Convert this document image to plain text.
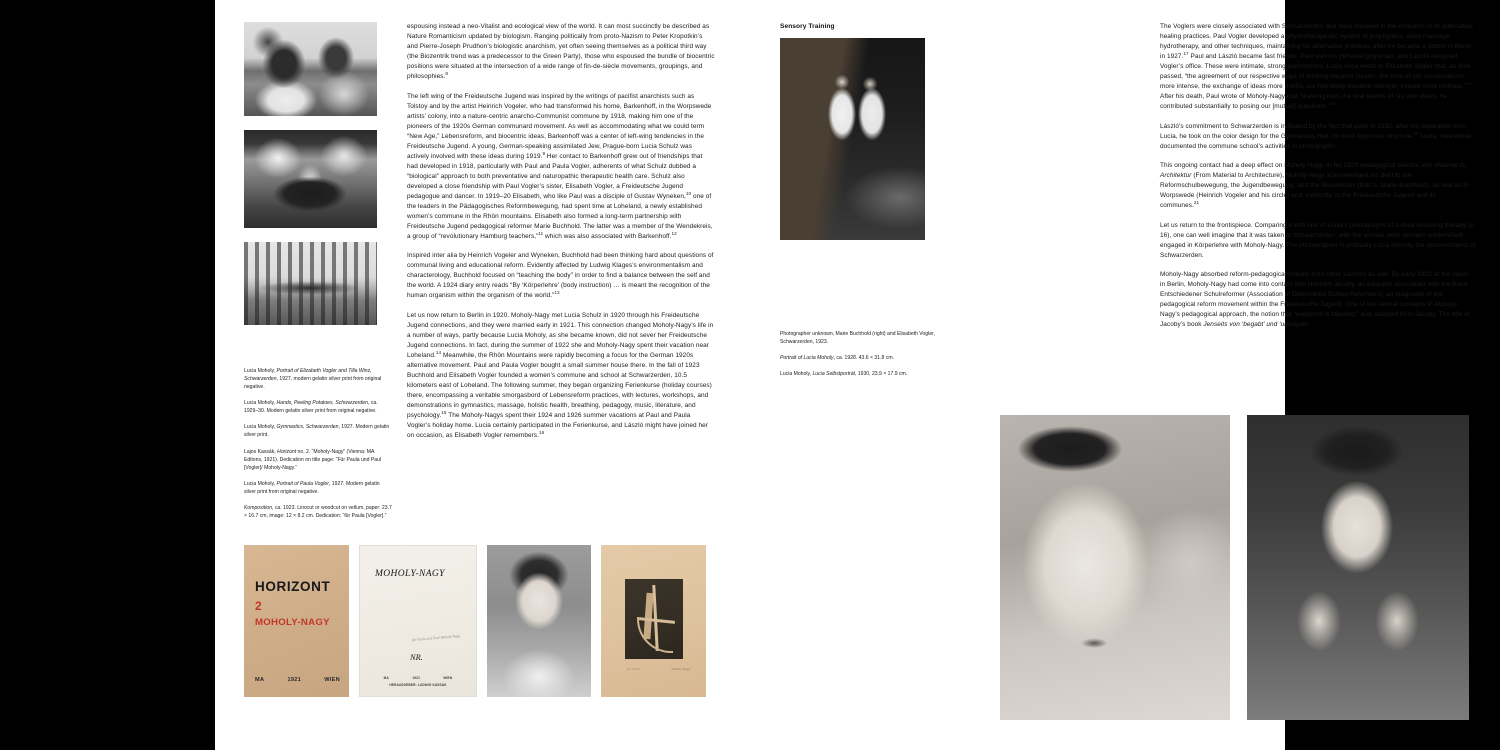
Lucia Moholy, Portrait of Elizabeth Vogler and Tilla Winz, Schwarzerden, 1927, modern gelatin silver print from original negative.

Lucia Moholy, Hands, Peeling Potatoes, Schwarzerden, ca. 1929–30. Modern gelatin silver print from original negative.

Lucia Moholy, Gymnastics, Schwarzerden, 1927. Modern gelatin silver print.

Lajos Kassák, Horizont no. 2. “Moholy-Nagy” (Vienna: MA Editons, 1921). Dedication on title page: “Für Paula und Paul [Vogler]/ Moholy-Nagy.”

Lucia Moholy, Portrait of Paula Vogler, 1927. Modern gelatin silver print from original negative.

Komposition, ca. 1923. Linocut or woodcut on vellum, paper: 23.7 × 16.7 cm, image: 12 × 8.2 cm. Dedication: “für Paula [Vogler].”

espousing instead a neo-Vitalist and ecological view of the world. It can most succinctly be described as Nature Romanticism updated by biologism. Ranging politically from proto-Nazism to Peter Kropotkin’s and Pierre-Joseph Prudhon’s biologistic anarchism, yet often seeing themselves as a political third way (the Biozentrik trend was a predecessor to the Green Party), those who espoused the bundle of biocentric positions were situated at the intersection of a wide range of fin-de-siècle movements, groupings, and philosophies.$^8$

The left wing of the Freideutsche Jugend was inspired by the writings of pacifist anarchists such as Tolstoy and by the artist Heinrich Vogeler, who had transformed his home, Barkenhoff, in the Worpswede artists’ colony, into a nature-centric anarcho-Communist commune by 1918, making him one of the pioneers of the 1920s German communard movement. As well as accommodating what we could term “New Age,” Lebensreform, and biocentric ideas, Barkenhoff was a center of left-wing tendencies in the Freideutsche Jugend. A young, German-speaking assimilated Jew, Prague-born Lucia Schulz was actively involved with these ideas during 1919.$^9$ Her contact to Barkenhoff grew out of friendships that had developed in 1918, particularly with Paul and Paula Vogler, adherents of what Schulz dubbed a “biological” approach to both preventative and naturopathic therapeutic health care. Schulz also developed a close friendship with Paul Vogler’s sister, Elisabeth Vogler, a Freideutsche Jugend pedagogue and dancer. In 1919–20 Elisabeth, who like Paul was a disciple of Gustav Wyneken,$^{10}$ one of the leaders in the Pädagogisches Reformbewegung, had spent time at Loheland, a newly established women’s commune in the Rhön mountains. Elisabeth also formed a long-term partnership with Freideutsche Jugend pedagogical reformer Marie Buchhold. The latter was a member of the Wendekreis, a group of “revolutionary Hamburg teachers,”$^{11}$ which was also associated with Barkenhoff.$^{12}$

Inspired inter alia by Heinrich Vogeler and Wyneken, Buchhold had been thinking hard about questions of communal living and educational reform. Evidently affected by Ludwig Klages’s environmentalism and characterology, Buchhold focused on “teaching the body” in order to find a balance between the self and the world. A 1924 diary entry reads “By ‘Körperlehre’ (body instruction) … is meant the recognition of the human organism within the organism of the world.”$^{13}$

Let us now return to Berlin in 1920. Moholy-Nagy met Lucia Schulz in 1920 through his Freideutsche Jugend connections, and they were married early in 1921. This connection changed Moholy-Nagy’s life in a number of ways, partly because Lucia Moholy, as she became known, did not sever her Freideutsche Jugend connections. In fact, during the summer of 1922 she and Moholy-Nagy spent their vacation near Loheland.$^{14}$ Meanwhile, the Rhön Mountains were rapidly becoming a focus for the German 1920s alternative movement. Paul and Paula Vogler bought a small summer house there. In the fall of 1923 Buchhold and Elisabeth Vogler founded a women’s commune and school at Schwarzerden, 10.5 kilometers east of Loheland. The following summer, they began organizing Ferienkurse (holiday courses) there, encompassing a veritable smorgasbord of Lebensreform practices, with lectures, workshops, and demonstrations in gymnastics, massage, holistic health, breathing, pedagogy, music, literature, and psychology.$^{15}$ The Moholy-Nagys spent their 1924 and 1926 summer vacations at Paul and Paula Vogler’s holiday home. Lucia certainly participated in the Ferienkurse, and László might have joined her on occasion, as Elisabeth Vogler remembers.$^{16}$

HORIZONT
2
MOHOLY-NAGY
MA	1921	WIEN
MOHOLY-NAGY
für Paula und Paul Moholy-Nagy
NR.
MA	1921	WIEN
HERAUSGEBER: LUDWIG KASSÁK
für Paula	Moholy-Nagy
Sensory Training

Photographer unknown, Marie Buchhold (right) and Elisabeth Vogler, Schwarzerden, 1923.

Portrait of Lucia Moholy, ca. 1928. 43.6 × 31.8 cm.

Lucia Moholy, Lucia Selbstporträt, 1930, 23.9 × 17.9 cm.

The Voglers were closely associated with Schwarzerden and were involved in the evolution of its alternative healing practices. Paul Vogler developed a physiotherapeutic system of prophylaxis, deep massage, hydrotherapy, and other techniques, maintaining his alternative practices after he became a doctor in Berlin in 1927.17 Paul and László became fast friends. Paul was his personal physician, and László designed Vogler’s office. These were intimate, strong connections. Lucia once wrote to Elizabeth Vogler that, as time passed, “the agreement of our respective ways of thinking became clearer, the tone of our conversations more intense, the exchange of ideas more fruitful, our friendship became stronger, indeed more intimate.”$^{18}$ After his death, Paul wrote of Moholy-Nagy that “drawing from the vital depths of his own views, he contributed substantially to posing our [mutual] questions.”$^{19}$

László’s commitment to Schwarzerden is indicated by the fact that even in 1930, after his separation from Lucia, he took on the color design for the Gymnastics Hall, its most important structure.$^{20}$ Lucia, meanwhile, documented the commune school’s activities in photographs.

This ongoing contact had a deep effect on Moholy-Nagy. In his 1929 pedagogical treatise Von Material zu Architektur (From Material to Architecture), Moholy-Nagy acknowledged his debt to the Reformschulbewegung, the Jugendbewegung, and the Wendekreis (that is, Marie Buchhold), as well as to Worpswede (Heinrich Vogeler and his circle) and, indirectly, to the Freideutsche Jugend and its communes.$^{21}$

Let us return to the frontispiece. Comparing it with one of Lucia’s photographs of a child receiving therapy (p. 16), one can well imagine that it was taken at Schwarzerden, with the woman (who remains unidentified) engaged in Körperlehre with Moholy-Nagy. The photographer is probably Lucia Moholy, the documentarist of Schwarzerden.

Moholy-Nagy absorbed reform-pedagogical notions from other sources as well. By early 1923 at the latest, in Berlin, Moholy-Nagy had come into contact with Heinrich Jacoby, an educator associated with the Bund Entschiedener Schulreformer (Association of Determined School Reformers), an outgrowth of the pedagogical reform movement within the Freideutsche Jugend. One of the central concepts in Moholy-Nagy’s pedagogical approach, the notion that “everyone is talented,” was adopted from Jacoby. The title of Jacoby’s book Jenseits von ‘begabt’ und ‘unbegabt’
